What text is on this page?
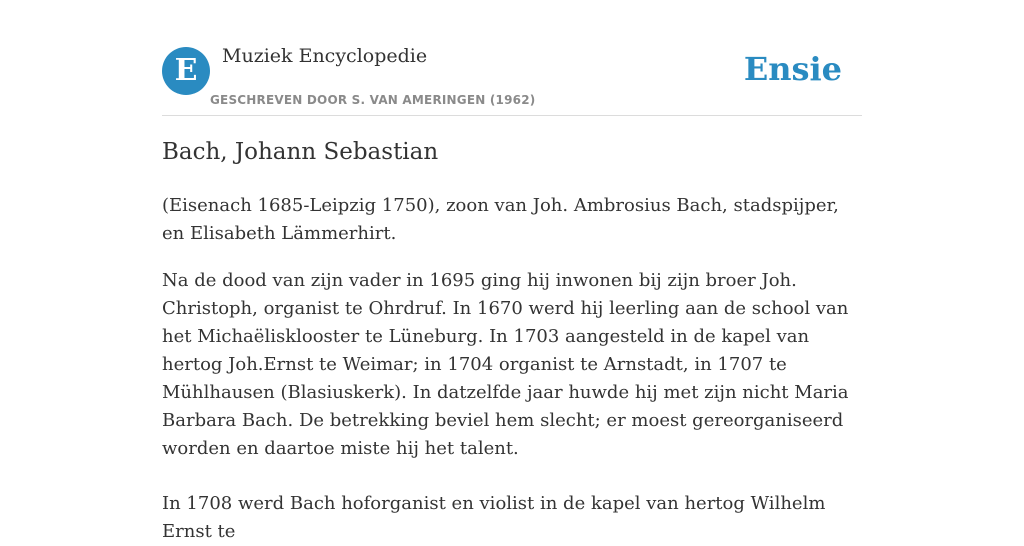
E	Muziek Encyclopedie
GESCHREVEN DOOR S. VAN AMERINGEN (1962)
Ensie
Bach, Johann Sebastian

(Eisenach 1685-Leipzig 1750), zoon van Joh. Ambrosius Bach, stadspijper, en Elisabeth Lämmerhirt.

Na de dood van zijn vader in 1695 ging hij inwonen bij zijn broer Joh. Christoph, organist te Ohrdruf. In 1670 werd hij leerling aan de school van het Michaëlisklooster te Lüneburg. In 1703 aangesteld in de kapel van hertog Joh.Ernst te Weimar; in 1704 organist te Arnstadt, in 1707 te Mühlhausen (Blasiuskerk). In datzelfde jaar huwde hij met zijn nicht Maria Barbara Bach. De betrekking beviel hem slecht; er moest gereorganiseerd worden en daartoe miste hij het talent.

In 1708 werd Bach hoforganist en violist in de kapel van hertog Wilhelm Ernst te
